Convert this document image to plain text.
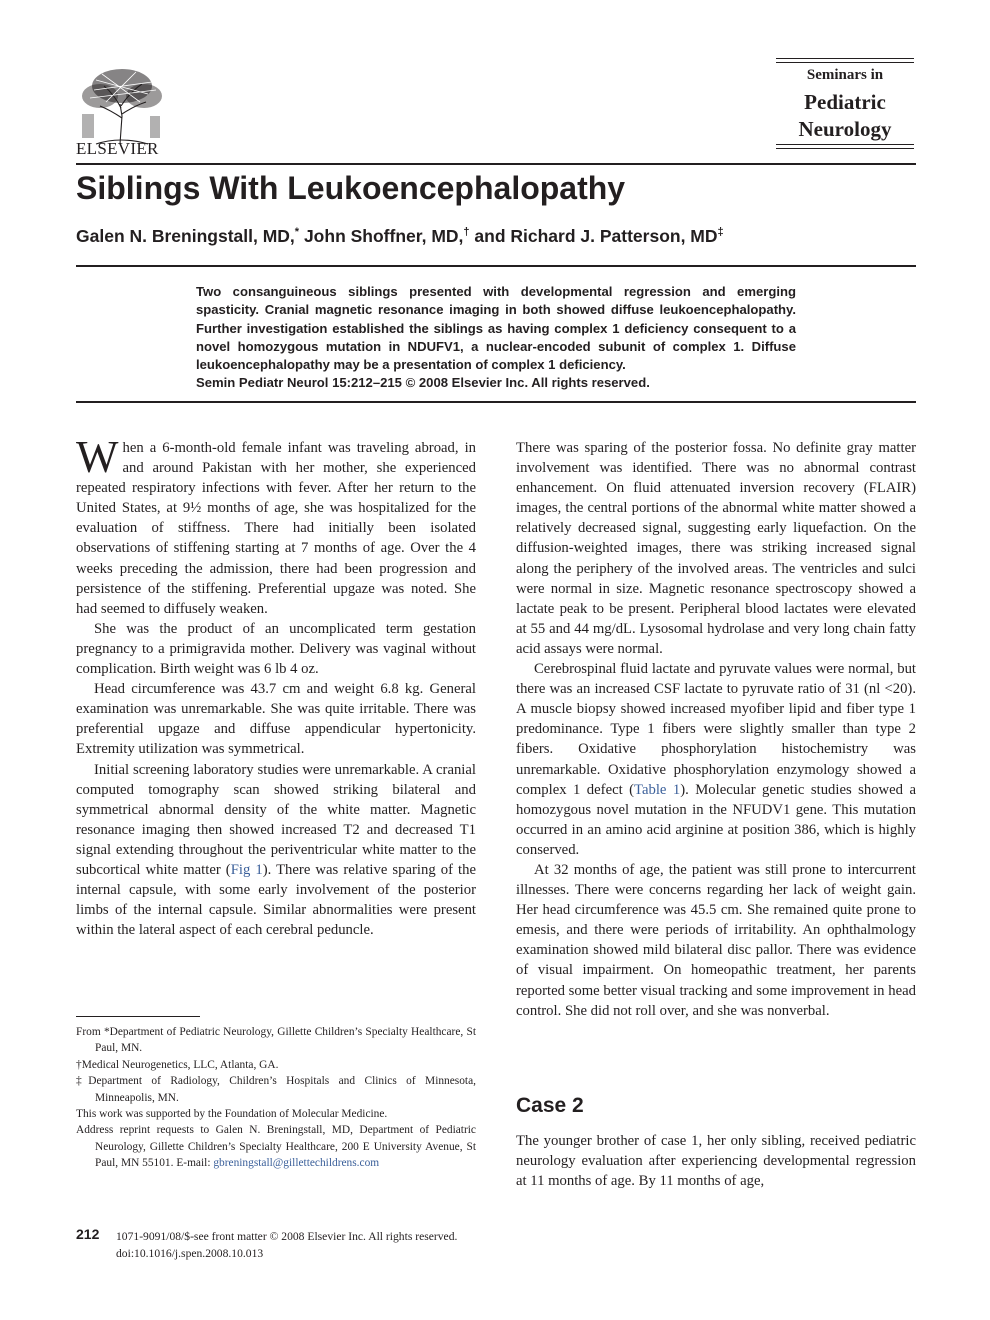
ELSEVIER
Seminars in
Pediatric
Neurology
Siblings With Leukoencephalopathy
Galen N. Breningstall, MD,* John Shoffner, MD,† and Richard J. Patterson, MD‡
Two consanguineous siblings presented with developmental regression and emerging spasticity. Cranial magnetic resonance imaging in both showed diffuse leukoencephalopathy. Further investigation established the siblings as having complex 1 deficiency consequent to a novel homozygous mutation in NDUFV1, a nuclear-encoded subunit of complex 1. Diffuse leukoencephalopathy may be a presentation of complex 1 deficiency.
Semin Pediatr Neurol 15:212–215 © 2008 Elsevier Inc. All rights reserved.

When a 6-month-old female infant was traveling abroad, in and around Pakistan with her mother, she experienced repeated respiratory infections with fever. After her return to the United States, at 9½ months of age, she was hospitalized for the evaluation of stiffness. There had initially been isolated observations of stiffening starting at 7 months of age. Over the 4 weeks preceding the admission, there had been progression and persistence of the stiffening. Preferential upgaze was noted. She had seemed to diffusely weaken.

She was the product of an uncomplicated term gestation pregnancy to a primigravida mother. Delivery was vaginal without complication. Birth weight was 6 lb 4 oz.

Head circumference was 43.7 cm and weight 6.8 kg. General examination was unremarkable. She was quite irritable. There was preferential upgaze and diffuse appendicular hypertonicity. Extremity utilization was symmetrical.

Initial screening laboratory studies were unremarkable. A cranial computed tomography scan showed striking bilateral and symmetrical abnormal density of the white matter. Magnetic resonance imaging then showed increased T2 and decreased T1 signal extending throughout the periventricular white matter to the subcortical white matter (Fig 1). There was relative sparing of the internal capsule, with some early involvement of the posterior limbs of the internal capsule. Similar abnormalities were present within the lateral aspect of each cerebral peduncle.

There was sparing of the posterior fossa. No definite gray matter involvement was identified. There was no abnormal contrast enhancement. On fluid attenuated inversion recovery (FLAIR) images, the central portions of the abnormal white matter showed a relatively decreased signal, suggesting early liquefaction. On the diffusion-weighted images, there was striking increased signal along the periphery of the involved areas. The ventricles and sulci were normal in size. Magnetic resonance spectroscopy showed a lactate peak to be present. Peripheral blood lactates were elevated at 55 and 44 mg/dL. Lysosomal hydrolase and very long chain fatty acid assays were normal.

Cerebrospinal fluid lactate and pyruvate values were normal, but there was an increased CSF lactate to pyruvate ratio of 31 (nl <20). A muscle biopsy showed increased myofiber lipid and fiber type 1 predominance. Type 1 fibers were slightly smaller than type 2 fibers. Oxidative phosphorylation histochemistry was unremarkable. Oxidative phosphorylation enzymology showed a complex 1 defect (Table 1). Molecular genetic studies showed a homozygous novel mutation in the NFUDV1 gene. This mutation occurred in an amino acid arginine at position 386, which is highly conserved.

At 32 months of age, the patient was still prone to intercurrent illnesses. There were concerns regarding her lack of weight gain. Her head circumference was 45.5 cm. She remained quite prone to emesis, and there were periods of irritability. An ophthalmology examination showed mild bilateral disc pallor. There was evidence of visual impairment. On homeopathic treatment, her parents reported some better visual tracking and some improvement in head control. She did not roll over, and she was nonverbal.

Case 2

The younger brother of case 1, her only sibling, received pediatric neurology evaluation after experiencing developmental regression at 11 months of age. By 11 months of age,

From *Department of Pediatric Neurology, Gillette Children’s Specialty Healthcare, St Paul, MN.

†Medical Neurogenetics, LLC, Atlanta, GA.

‡Department of Radiology, Children’s Hospitals and Clinics of Minnesota, Minneapolis, MN.

This work was supported by the Foundation of Molecular Medicine.

Address reprint requests to Galen N. Breningstall, MD, Department of Pediatric Neurology, Gillette Children’s Specialty Healthcare, 200 E University Avenue, St Paul, MN 55101. E-mail: gbreningstall@gillettechildrens.com

212 1071-9091/08/$-see front matter © 2008 Elsevier Inc. All rights reserved.
doi:10.1016/j.spen.2008.10.013
